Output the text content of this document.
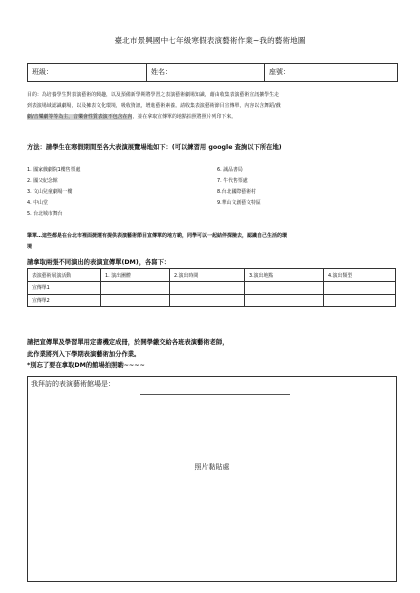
臺北市景興國中七年級寒假表演藝術作業~我的藝術地圖
班級：	姓名：	座號：
目的：為培養學生對表演藝術的興趣，以及預備新學期將學習之表演藝術劇場知識，藉由收集表演藝術宣訊擴學生走
到表演場域認識劇場，以及擁表文化環境，吸收資訊，增進藝術素養。請收集表演藝術節目宣傳單，內容以含舞蹈/戲
劇/音樂劇等等為主，音樂會性質表演不包含在內，並在拿取宣傳單的地點拍照將照片列印下來。
方法：請學生在寒假期間至各大表演展覽場地如下：(可以練習用 google 查詢以下所在地)
1. 國家戲劇院1樓售票處
2. 國父紀念館
3. 文山兒童劇場一樓
4. 中山堂
5. 台北城市舞台
6. 誠品書局
7. 牛代售票處
8.台北國際藝術村
9.華山文創藝文特區
筆單…這些都是在台北市裡面捷運有提供表演藝術節目宣傳單的地方喲，同學可以一起結伴探險去，認識自己生活的環
境
請拿取兩張不同演出的表演宣傳單(DM)，各寫下：
表演藝術展演活動	1. 演出團體	2.演出時間	3.演出地點	4.演出類型
宣傳單1				
宣傳單2				
請把宣傳單及學習單用定書機定成冊，於開學繳交給各班表演藝術老師，
此作業將列入下學期表演藝術加分作業。
*別忘了要在拿取DM的館場拍照喲~~~~
我拜訪的表演藝術館場是：
照片黏貼處
